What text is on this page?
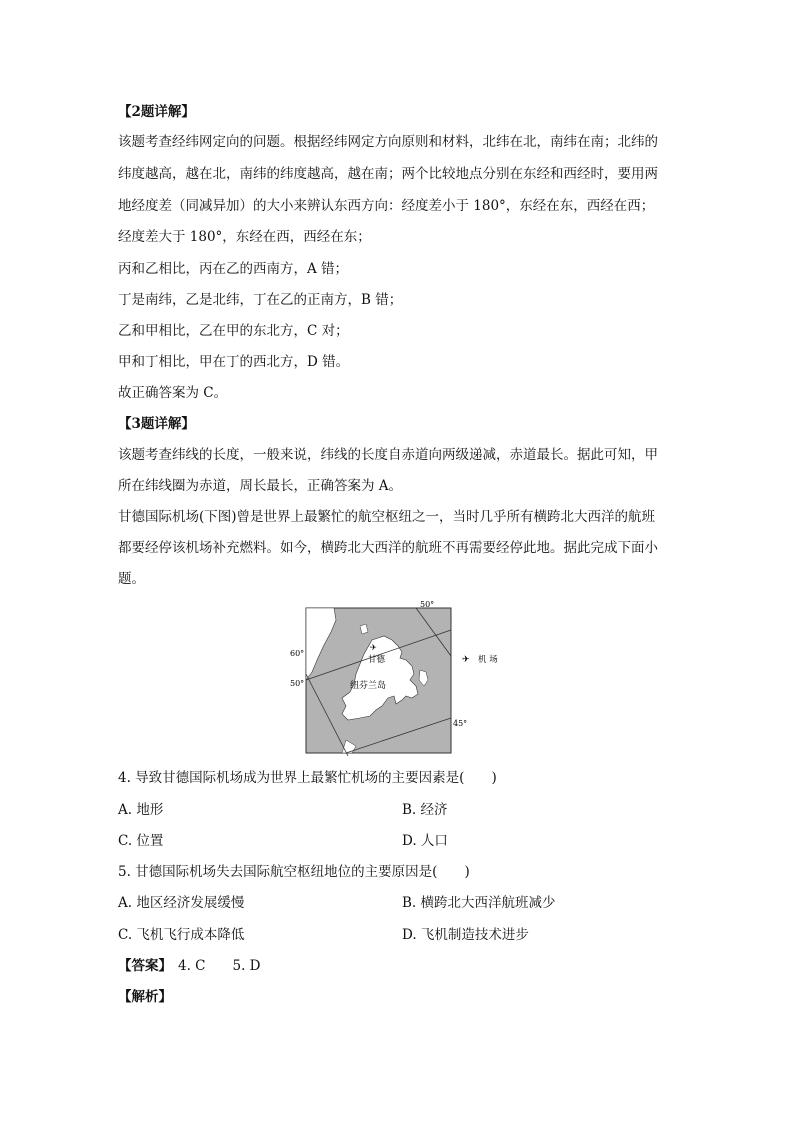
【2题详解】
该题考查经纬网定向的问题。根据经纬网定方向原则和材料，北纬在北，南纬在南；北纬的
纬度越高，越在北，南纬的纬度越高，越在南；两个比较地点分别在东经和西经时，要用两
地经度差（同减异加）的大小来辨认东西方向：经度差小于 180°，东经在东，西经在西；
经度差大于 180°，东经在西，西经在东；
丙和乙相比，丙在乙的西南方，A 错；
丁是南纬，乙是北纬，丁在乙的正南方，B 错；
乙和甲相比，乙在甲的东北方，C 对；
甲和丁相比，甲在丁的西北方，D 错。
故正确答案为 C。
【3题详解】
该题考查纬线的长度，一般来说，纬线的长度自赤道向两级递减，赤道最长。据此可知，甲
所在纬线圈为赤道，周长最长，正确答案为 A。
甘德国际机场(下图)曾是世界上最繁忙的航空枢纽之一，当时几乎所有横跨北大西洋的航班
都要经停该机场补充燃料。如今，横跨北大西洋的航班不再需要经停此地。据此完成下面小
题。
✈
50°
60°
50°
45°
甘德
纽芬兰岛
✈ 机 场
4. 导致甘德国际机场成为世界上最繁忙机场的主要因素是(　　)
A. 地形	B. 经济
C. 位置	D. 人口
5. 甘德国际机场失去国际航空枢纽地位的主要原因是(　　)
A. 地区经济发展缓慢	B. 横跨北大西洋航班减少
C. 飞机飞行成本降低	D. 飞机制造技术进步
【答案】 4. C　　5. D
【解析】
